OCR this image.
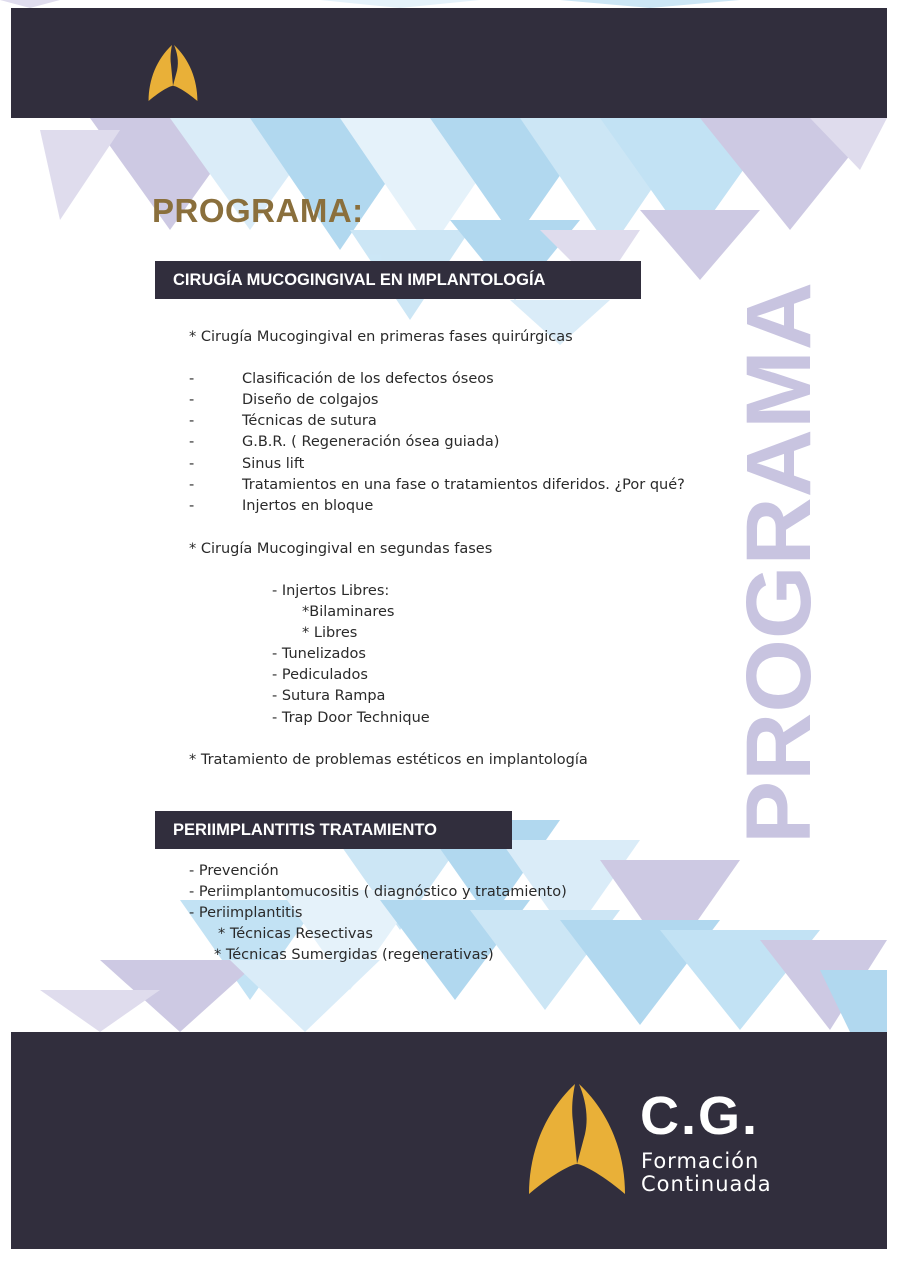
PROGRAMA:
PROGRAMA
CIRUGÍA MUCOGINGIVAL EN IMPLANTOLOGÍA
* Cirugía Mucogingival en primeras fases quirúrgicas
-	Clasificación de los defectos óseos
-	Diseño de colgajos
-	Técnicas de sutura
-	G.B.R. ( Regeneración ósea guiada)
-	Sinus lift
-	Tratamientos en una fase o tratamientos diferidos. ¿Por qué?
-	Injertos en bloque
* Cirugía Mucogingival en segundas fases
- Injertos Libres:
*Bilaminares
* Libres
- Tunelizados
- Pediculados
- Sutura Rampa
- Trap Door Technique
* Tratamiento de problemas estéticos en implantología
PERIIMPLANTITIS TRATAMIENTO
- Prevención
- Periimplantomucositis ( diagnóstico y tratamiento)
- Periimplantitis
* Técnicas Resectivas
* Técnicas Sumergidas (regenerativas)
C.G.
Formación
Continuada
